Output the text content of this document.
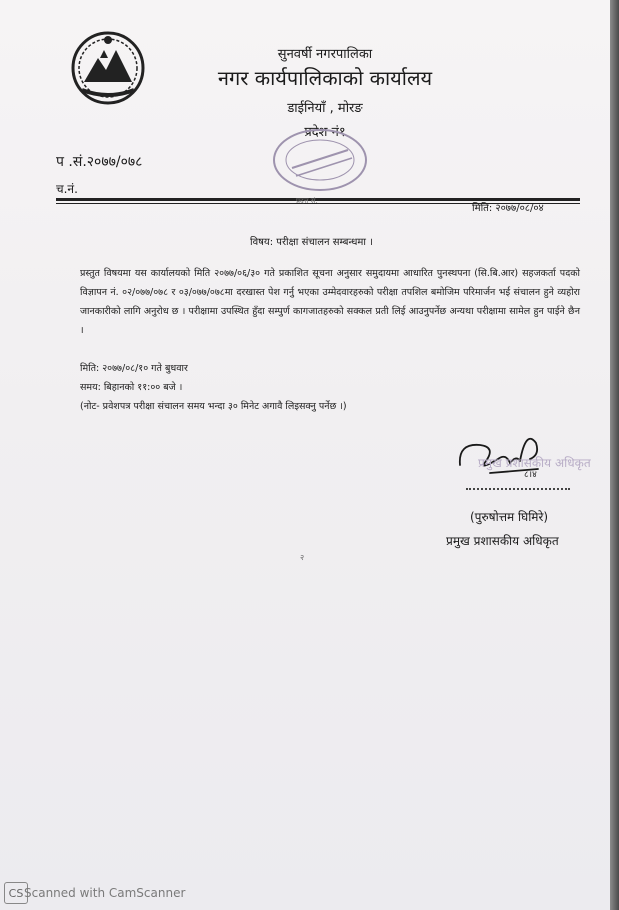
सुनवर्षी नगरपालिका
नगर कार्यपालिकाको कार्यालय
डाईनियाँ , मोरङ
प्रदेश नं१
प .सं.२०७७/०७८
च.नं.
प्रदत्त सं.
मिति: २०७७/०८/०४
विषय: परीक्षा संचालन सम्बन्धमा ।
प्रस्तुत विषयमा यस कार्यालयको मिति २०७७/०६/३० गते प्रकाशित सूचना अनुसार समुदायमा आधारित पुनस्थपना (सि.बि.आर) सहजकर्ता पदको विज्ञापन नं. ०२/०७७/०७८ र ०३/०७७/०७८मा दरखास्त पेश गर्नु भएका उम्मेदवारहरुको परीक्षा तपशिल बमोजिम परिमार्जन भई संचालन हुने व्यहोरा जानकारीको लागि अनुरोध छ । परीक्षामा उपस्थित हुँदा सम्पुर्ण कागजातहरुको सक्कल प्रती लिई आउनुपर्नेछ अन्यथा परीक्षामा सामेल हुन पाईने छैन ।
मिति: २०७७/०८/१० गते बुधवार
समय: बिहानको ११:०० बजे ।
(नोट- प्रवेशपत्र परीक्षा संचालन समय भन्दा ३० मिनेट अगावै लिइसक्नु पर्नेछ ।)
८।४
प्रमुख प्रशासकीय अधिकृत
(पुरुषोत्तम घिमिरे)
प्रमुख प्रशासकीय अधिकृत
२
CS Scanned with CamScanner
